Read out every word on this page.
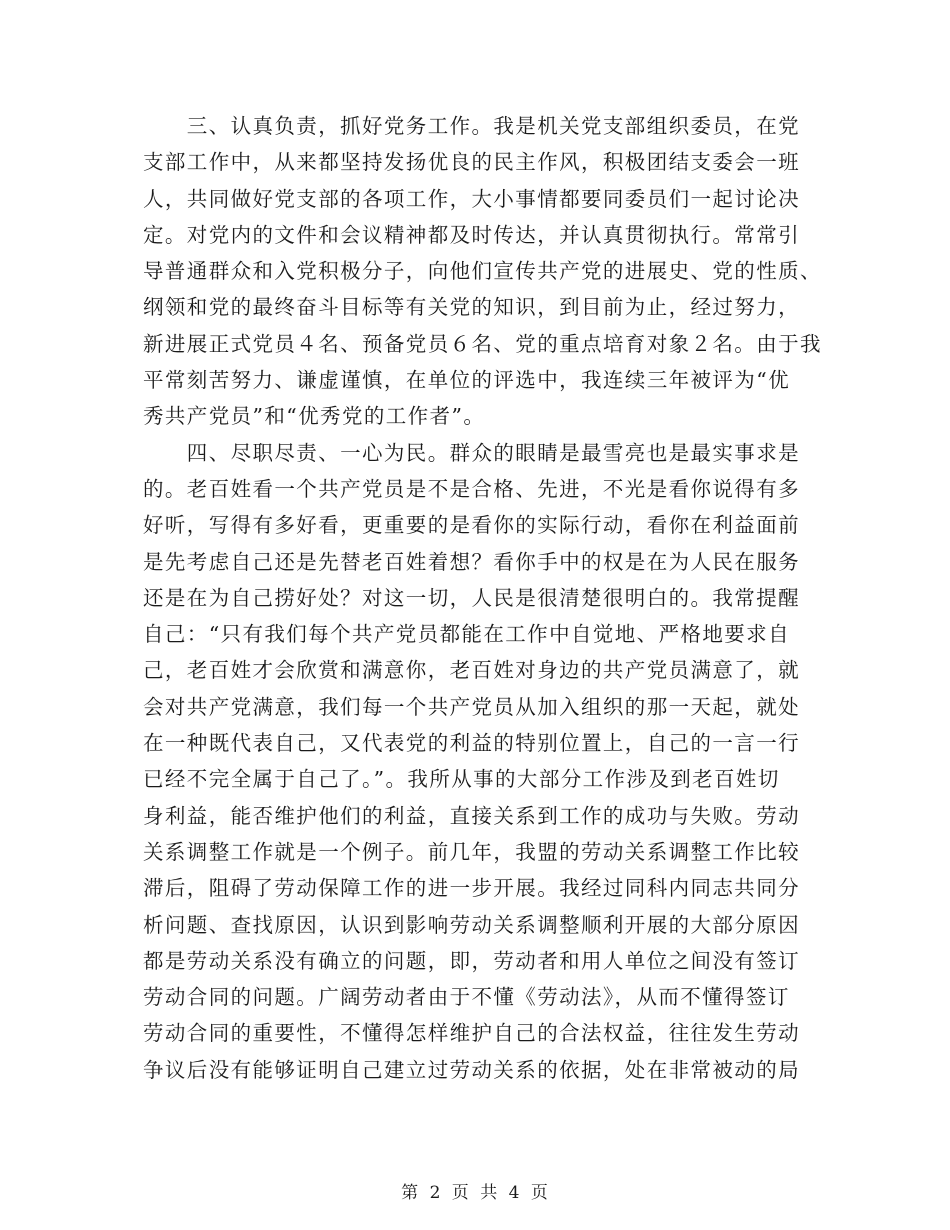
　　三、认真负责，抓好党务工作。我是机关党支部组织委员，在党
支部工作中，从来都坚持发扬优良的民主作风，积极团结支委会一班
人，共同做好党支部的各项工作，大小事情都要同委员们一起讨论决
定。对党内的文件和会议精神都及时传达，并认真贯彻执行。常常引
导普通群众和入党积极分子，向他们宣传共产党的进展史、党的性质、
纲领和党的最终奋斗目标等有关党的知识，到目前为止，经过努力，
新进展正式党员４名、预备党员６名、党的重点培育对象２名。由于我
平常刻苦努力、谦虚谨慎，在单位的评选中，我连续三年被评为“优
秀共产党员”和“优秀党的工作者”。
　　四、尽职尽责、一心为民。群众的眼睛是最雪亮也是最实事求是
的。老百姓看一个共产党员是不是合格、先进，不光是看你说得有多
好听，写得有多好看，更重要的是看你的实际行动，看你在利益面前
是先考虑自己还是先替老百姓着想？看你手中的权是在为人民在服务
还是在为自己捞好处？对这一切，人民是很清楚很明白的。我常提醒
自己：“只有我们每个共产党员都能在工作中自觉地、严格地要求自
己，老百姓才会欣赏和满意你，老百姓对身边的共产党员满意了，就
会对共产党满意，我们每一个共产党员从加入组织的那一天起，就处
在一种既代表自己，又代表党的利益的特别位置上，自己的一言一行
已经不完全属于自己了。”。我所从事的大部分工作涉及到老百姓切
身利益，能否维护他们的利益，直接关系到工作的成功与失败。劳动
关系调整工作就是一个例子。前几年，我盟的劳动关系调整工作比较
滞后，阻碍了劳动保障工作的进一步开展。我经过同科内同志共同分
析问题、查找原因，认识到影响劳动关系调整顺利开展的大部分原因
都是劳动关系没有确立的问题，即，劳动者和用人单位之间没有签订
劳动合同的问题。广阔劳动者由于不懂《劳动法》，从而不懂得签订
劳动合同的重要性，不懂得怎样维护自己的合法权益，往往发生劳动
争议后没有能够证明自己建立过劳动关系的依据，处在非常被动的局
第 2 页 共 4 页
